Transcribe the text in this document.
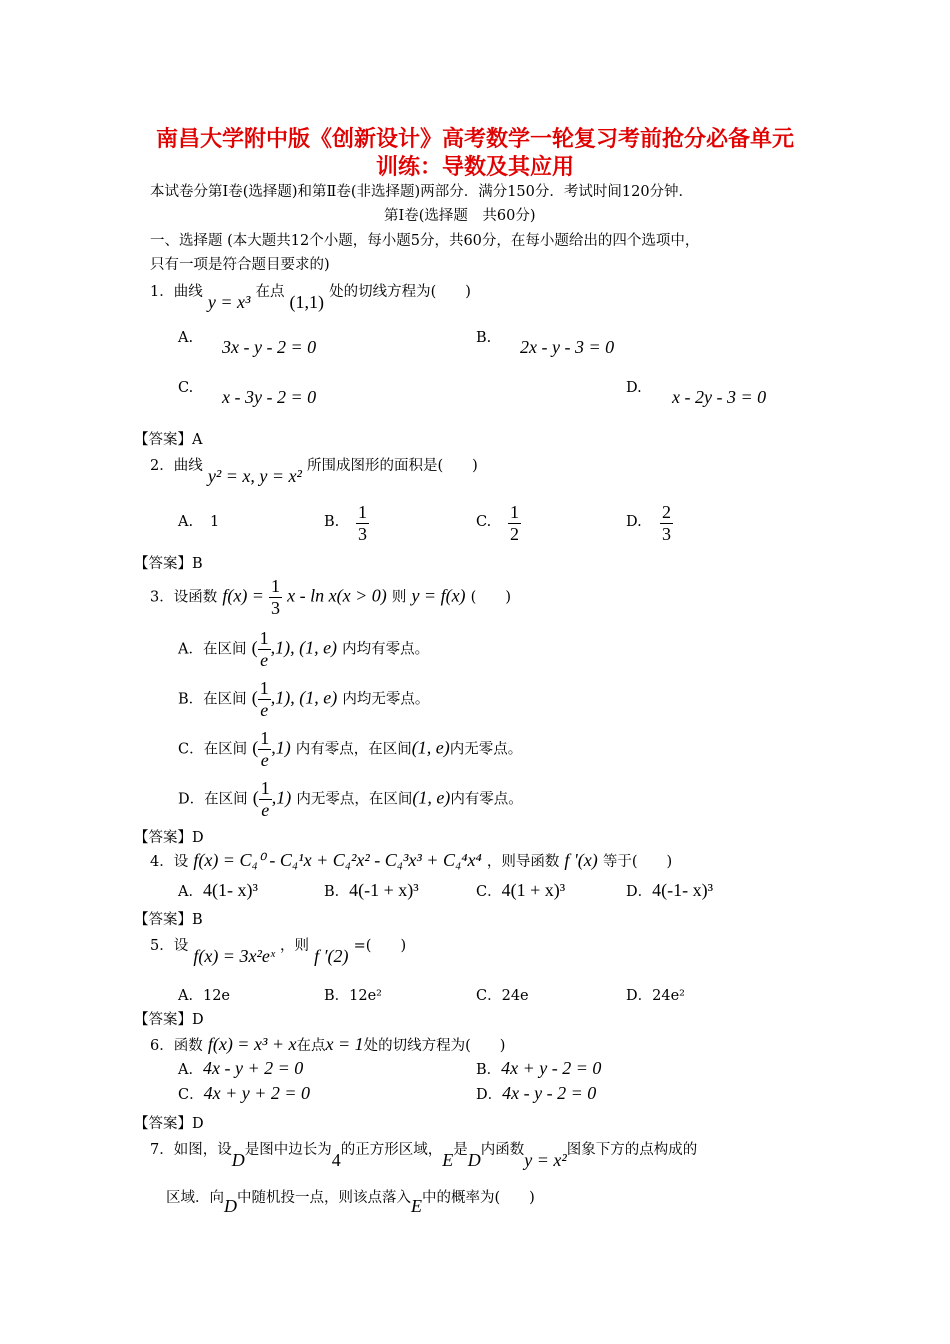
南昌大学附中版《创新设计》高考数学一轮复习考前抢分必备单元
训练：导数及其应用
本试卷分第Ⅰ卷(选择题)和第Ⅱ卷(非选择题)两部分．满分150分．考试时间120分钟．
第Ⅰ卷(选择题　共60分)
一、选择题 (本大题共12个小题，每小题5分，共60分，在每小题给出的四个选项中，
只有一项是符合题目要求的)
1．曲线 y = x³ 在点 (1,1) 处的切线方程为(　　)
A. 3x - y - 2 = 0	B. 2x - y - 3 = 0
C. x - 3y - 2 = 0	D. x - 2y - 3 = 0
【答案】A
2．曲线 y² = x, y = x² 所围成图形的面积是(　　)
A. 1	B. $\frac{1}{3}$	C. $\frac{1}{2}$	D. $\frac{2}{3}$
【答案】B
3．设函数 $f(x) = \frac{1}{3}$ x - ln x(x > 0) 则 y = f(x) (　　)
A．在区间 ( $\frac{1}{e} ,1$), (1, e) 内均有零点。
B．在区间 ( $\frac{1}{e} ,1$), (1, e) 内均无零点。
C．在区间 ( $\frac{1}{e} ,1$) 内有零点，在区间(1, e)内无零点。
D．在区间 ( $\frac{1}{e} ,1$) 内无零点，在区间(1, e)内有零点。
【答案】D
4．设 f(x) = C₄⁰ - C₄¹x + C₄²x² - C₄³x³ + C₄⁴x⁴ ，则导函数 f '(x) 等于(　　)
A．4(1- x)³	B．4(-1 + x)³	C．4(1 + x)³	D．4(-1- x)³
【答案】B
5．设 f(x) = 3x²eˣ ，则 f ′(2) =(　　)
A．12e	B．12e²	C．24e	D．24e²
【答案】D
6．函数 f(x) = x³ + x在点x = 1处的切线方程为(　　)
A．4x - y + 2 = 0	B．4x + y - 2 = 0
C．4x + y + 2 = 0	D．4x - y - 2 = 0
【答案】D
7．如图，设D是图中边长为4的正方形区域，E是D内函数y = x²图象下方的点构成的
区域．向D中随机投一点，则该点落入E中的概率为(　　)
